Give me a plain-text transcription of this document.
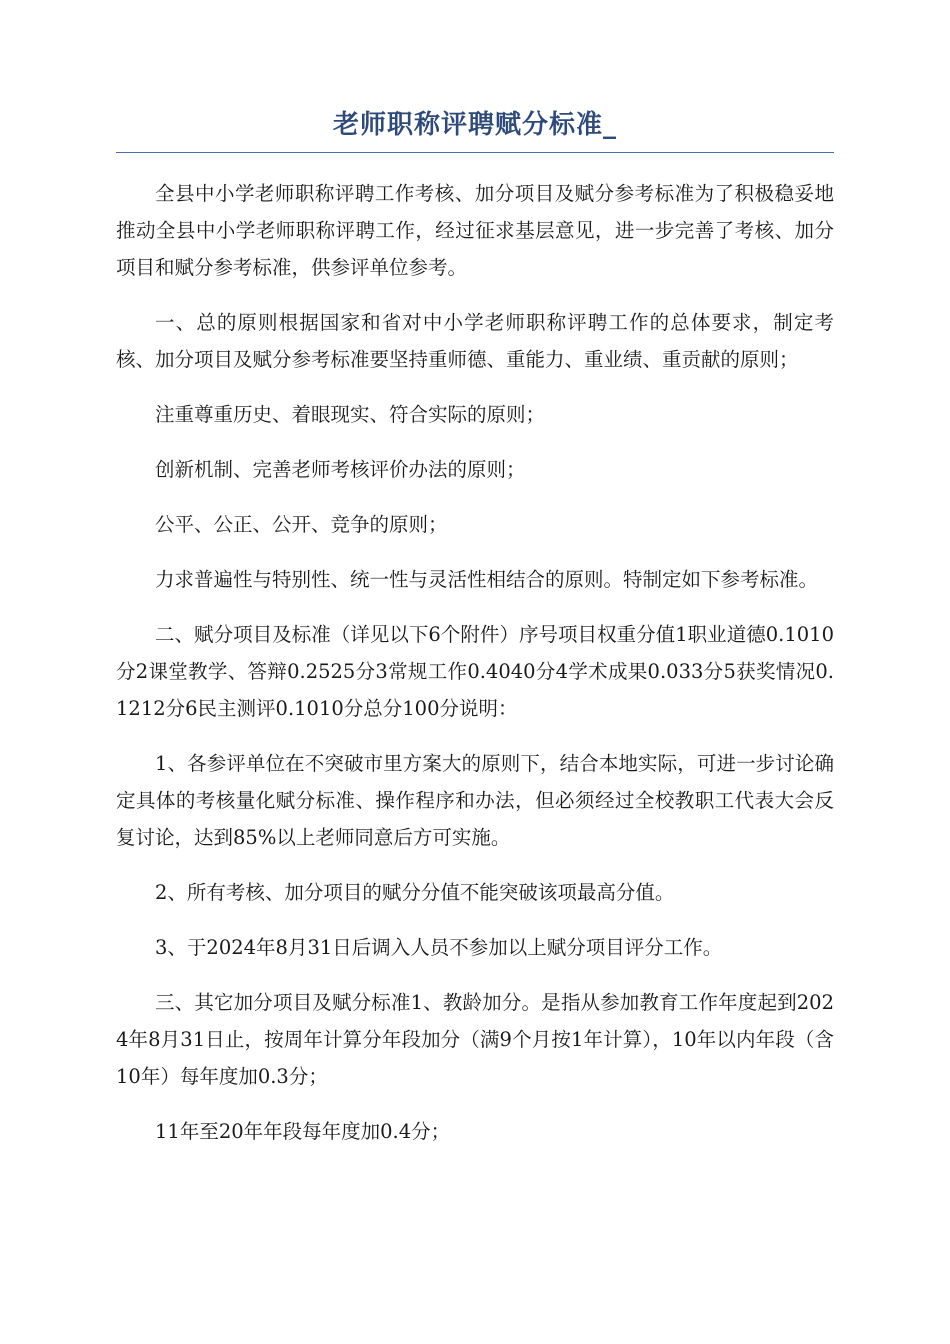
老师职称评聘赋分标准_

全县中小学老师职称评聘工作考核、加分项目及赋分参考标准为了积极稳妥地推动全县中小学老师职称评聘工作，经过征求基层意见，进一步完善了考核、加分项目和赋分参考标准，供参评单位参考。

一、总的原则根据国家和省对中小学老师职称评聘工作的总体要求，制定考核、加分项目及赋分参考标准要坚持重师德、重能力、重业绩、重贡献的原则；

注重尊重历史、着眼现实、符合实际的原则；

创新机制、完善老师考核评价办法的原则；

公平、公正、公开、竞争的原则；

力求普遍性与特别性、统一性与灵活性相结合的原则。特制定如下参考标准。

二、赋分项目及标准（详见以下6个附件）序号项目权重分值1职业道德0.1010分2课堂教学、答辩0.2525分3常规工作0.4040分4学术成果0.033分5获奖情况0.1212分6民主测评0.1010分总分100分说明：

1、各参评单位在不突破市里方案大的原则下，结合本地实际，可进一步讨论确定具体的考核量化赋分标准、操作程序和办法，但必须经过全校教职工代表大会反复讨论，达到85%以上老师同意后方可实施。

2、所有考核、加分项目的赋分分值不能突破该项最高分值。

3、于2024年8月31日后调入人员不参加以上赋分项目评分工作。

三、其它加分项目及赋分标准1、教龄加分。是指从参加教育工作年度起到2024年8月31日止，按周年计算分年段加分（满9个月按1年计算），10年以内年段（含10年）每年度加0.3分；

11年至20年年段每年度加0.4分；
